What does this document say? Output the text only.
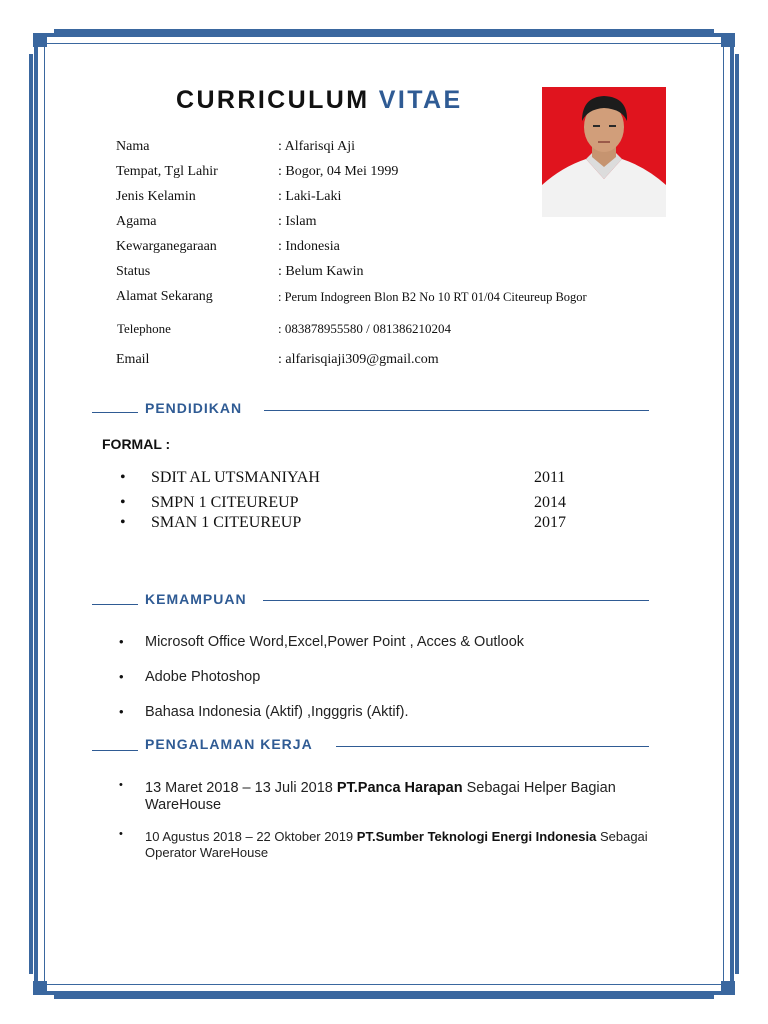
CURRICULUM VITAE
Nama	: Alfarisqi Aji
Tempat, Tgl Lahir	: Bogor, 04 Mei 1999
Jenis Kelamin	: Laki-Laki
Agama	: Islam
Kewarganegaraan	: Indonesia
Status	: Belum Kawin
Alamat Sekarang	: Perum Indogreen Blon B2 No 10 RT 01/04 Citeureup Bogor
Telephone	: 083878955580 / 081386210204
Email	: alfarisqiaji309@gmail.com
PENDIDIKAN
FORMAL :
• SDIT AL UTSMANIYAH	2011
• SMPN 1 CITEUREUP	2014
• SMAN 1 CITEUREUP	2017
KEMAMPUAN
• Microsoft Office Word,Excel,Power Point , Acces & Outlook
• Adobe Photoshop
• Bahasa Indonesia (Aktif) ,Ingggris (Aktif).
PENGALAMAN KERJA
• 13 Maret 2018 – 13 Juli 2018 PT.Panca Harapan Sebagai Helper Bagian WareHouse
• 10 Agustus 2018 – 22 Oktober 2019 PT.Sumber Teknologi Energi Indonesia Sebagai Operator WareHouse
